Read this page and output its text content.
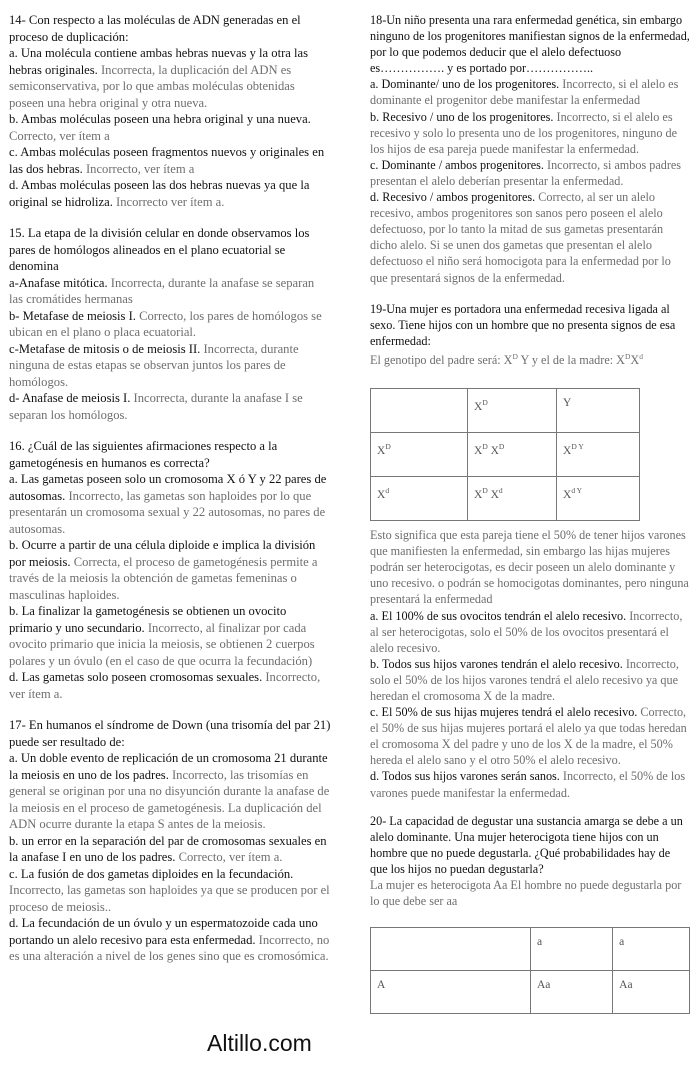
14- Con respecto a las moléculas de ADN generadas en el proceso de duplicación:

a. Una molécula contiene ambas hebras nuevas y la otra las hebras originales. Incorrecta, la duplicación del ADN es semiconservativa, por lo que ambas moléculas obtenidas poseen una hebra original y otra nueva.

b. Ambas moléculas poseen una hebra original y una nueva. Correcto, ver ítem a

c. Ambas moléculas poseen fragmentos nuevos y originales en las dos hebras. Incorrecto, ver ítem a

d. Ambas moléculas poseen las dos hebras nuevas ya que la original se hidroliza. Incorrecto ver ítem a.

15. La etapa de la división celular en donde observamos los pares de homólogos alineados en el plano ecuatorial se denomina

a-Anafase mitótica. Incorrecta, durante la anafase se separan las cromátides hermanas

b- Metafase de meiosis I. Correcto, los pares de homólogos se ubican en el plano o placa ecuatorial.

c-Metafase de mitosis o de meiosis II. Incorrecta, durante ninguna de estas etapas se observan juntos los pares de homólogos.

d- Anafase de meiosis I. Incorrecta, durante la anafase I se separan los homólogos.

16. ¿Cuál de las siguientes afirmaciones respecto a la gametogénesis en humanos es correcta?

a. Las gametas poseen solo un cromosoma X ó Y y 22 pares de autosomas. Incorrecto, las gametas son haploides por lo que presentarán un cromosoma sexual y 22 autosomas, no pares de autosomas.

b. Ocurre a partir de una célula diploide e implica la división por meiosis. Correcta, el proceso de gametogénesis permite a través de la meiosis la obtención de gametas femeninas o masculinas haploides.

b. La finalizar la gametogénesis se obtienen un ovocito primario y uno secundario. Incorrecto, al finalizar por cada ovocito primario que inicia la meiosis, se obtienen 2 cuerpos polares y un óvulo (en el caso de que ocurra la fecundación)

d. Las gametas solo poseen cromosomas sexuales. Incorrecto, ver ítem a.

17- En humanos el síndrome de Down (una trisomía del par 21) puede ser resultado de:

a. Un doble evento de replicación de un cromosoma 21 durante la meiosis en uno de los padres. Incorrecto, las trisomías en general se originan por una no disyunción durante la anafase de la meiosis en el proceso de gametogénesis. La duplicación del ADN ocurre durante la etapa S antes de la meiosis.

b. un error en la separación del par de cromosomas sexuales en la anafase I en uno de los padres. Correcto, ver ítem a.

c. La fusión de dos gametas diploides en la fecundación. Incorrecto, las gametas son haploides ya que se producen por el proceso de meiosis..

d. La fecundación de un óvulo y un espermatozoide cada uno portando un alelo recesivo para esta enfermedad. Incorrecto, no es una alteración a nivel de los genes sino que es cromosómica.

18-Un niño presenta una rara enfermedad genética, sin embargo ninguno de los progenitores manifiestan signos de la enfermedad, por lo que podemos deducir que el alelo defectuoso es……………. y es portado por……………..

a. Dominante/ uno de los progenitores. Incorrecto, si el alelo es dominante el progenitor debe manifestar la enfermedad

b. Recesivo / uno de los progenitores. Incorrecto, si el alelo es recesivo y solo lo presenta uno de los progenitores, ninguno de los hijos de esa pareja puede manifestar la enfermedad.

c. Dominante / ambos progenitores. Incorrecto, si ambos padres presentan el alelo deberían presentar la enfermedad.

d. Recesivo / ambos progenitores. Correcto, al ser un alelo recesivo, ambos progenitores son sanos pero poseen el alelo defectuoso, por lo tanto la mitad de sus gametas presentarán dicho alelo. Si se unen dos gametas que presentan el alelo defectuoso el niño será homocigota para la enfermedad por lo que presentará signos de la enfermedad.

19-Una mujer es portadora una enfermedad recesiva ligada al sexo. Tiene hijos con un hombre que no presenta signos de esa enfermedad:

El genotipo del padre será: $X^D$ Y y el de la madre: $X^DX^d$

	$X^D$	Y
$X^D$	$X^D$ $X^D$	$X^{D Y}$
$X^d$	$X^D$ $X^d$	$X^{d Y}$

Esto significa que esta pareja tiene el 50% de tener hijos varones que manifiesten la enfermedad, sin embargo las hijas mujeres podrán ser heterocigotas, es decir poseen un alelo dominante y uno recesivo. o podrán se homocigotas dominantes, pero ninguna presentará la enfermedad

a. El 100% de sus ovocitos tendrán el alelo recesivo. Incorrecto, al ser heterocigotas, solo el 50% de los ovocitos presentará el alelo recesivo.

b. Todos sus hijos varones tendrán el alelo recesivo. Incorrecto, solo el 50% de los hijos varones tendrá el alelo recesivo ya que heredan el cromosoma X de la madre.

c. El 50% de sus hijas mujeres tendrá el alelo recesivo. Correcto, el 50% de sus hijas mujeres portará el alelo ya que todas heredan el cromosoma X del padre y uno de los X de la madre, el 50% hereda el alelo sano y el otro 50% el alelo recesivo.

d. Todos sus hijos varones serán sanos. Incorrecto, el 50% de los varones puede manifestar la enfermedad.

20- La capacidad de degustar una sustancia amarga se debe a un alelo dominante. Una mujer heterocigota tiene hijos con un hombre que no puede degustarla. ¿Qué probabilidades hay de que los hijos no puedan degustarla?

La mujer es heterocigota Aa El hombre no puede degustarla por lo que debe ser aa

	a	a
A	Aa	Aa
Altillo.com
